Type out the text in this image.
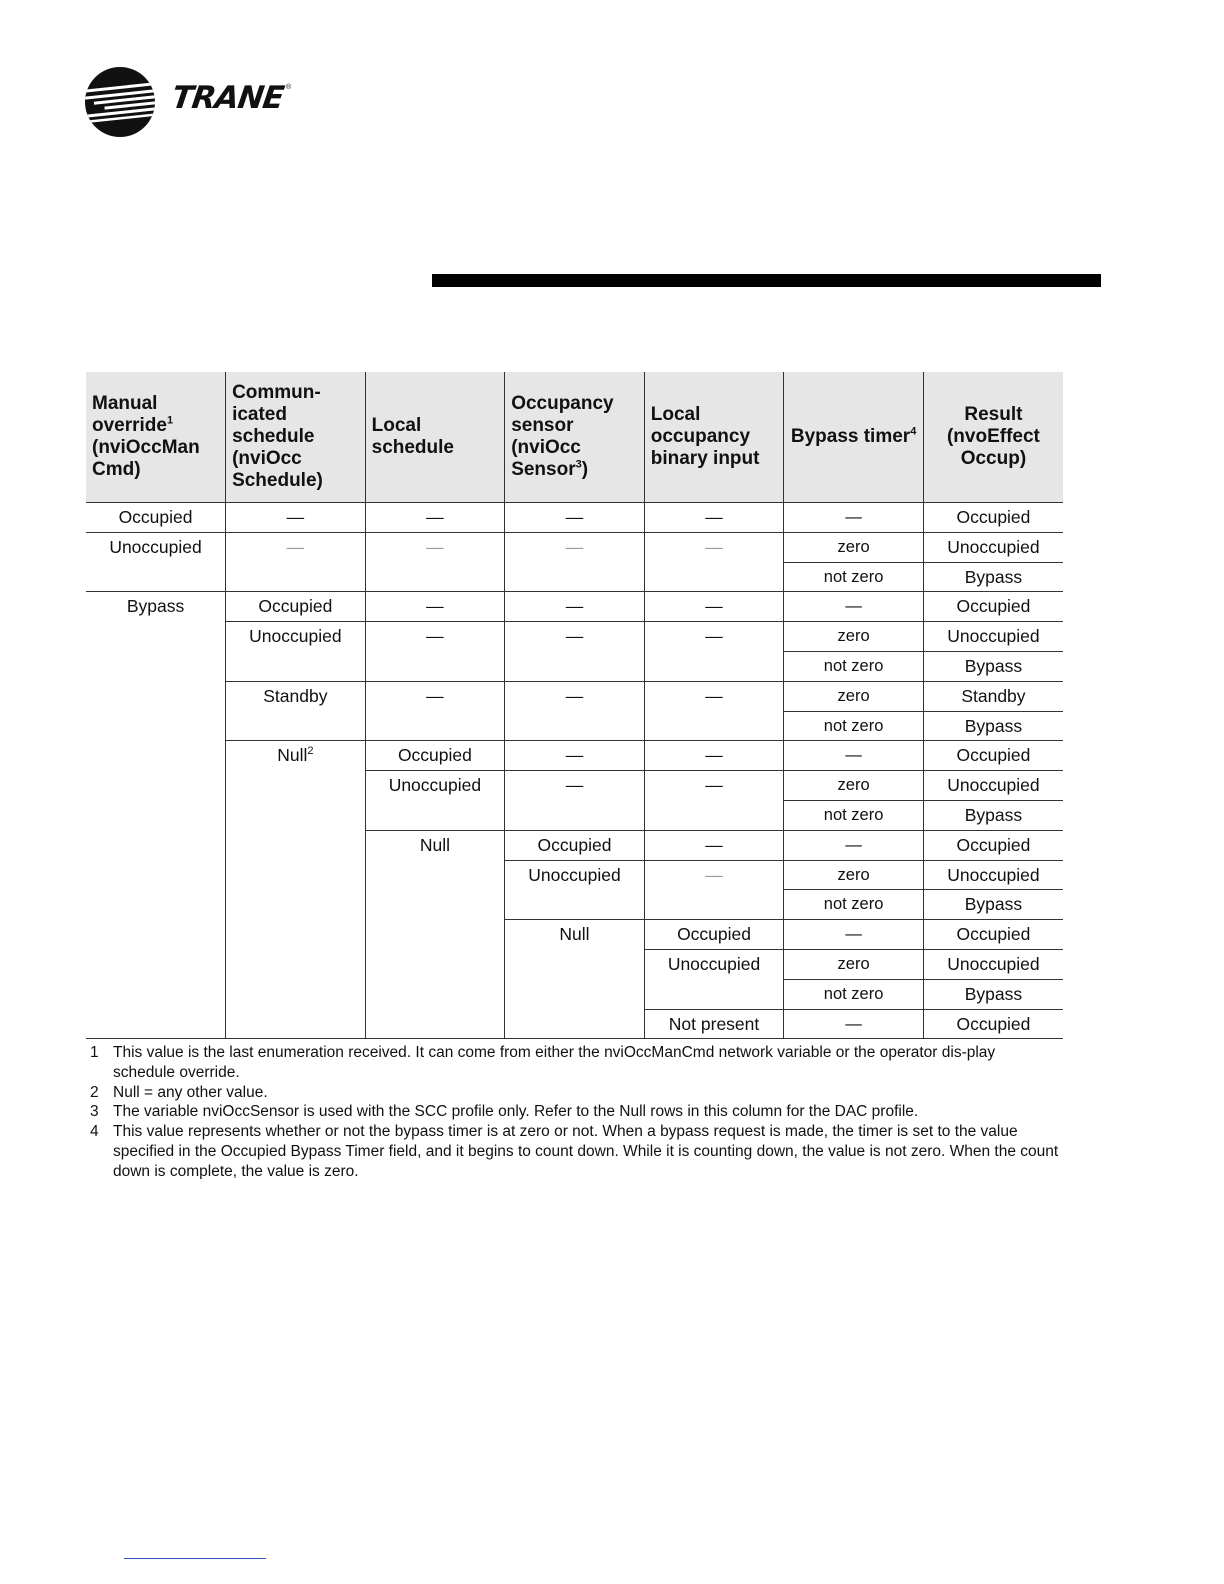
TRANE ®
Manual override$^1$ (nviOccMan Cmd)	Commun- icated schedule (nviOcc Schedule)	Local schedule	Occupancy sensor (nviOcc Sensor$^3$)	Local occupancy binary input	Bypass timer$^4$	Result (nvoEffect Occup)
Occupied	—	—	—	—	—	Occupied
Unoccupied	—	—	—	—	zero	Unoccupied
					not zero	Bypass
Bypass	Occupied	—	—	—	—	Occupied
	Unoccupied	—	—	—	zero	Unoccupied
					not zero	Bypass
	Standby	—	—	—	zero	Standby
					not zero	Bypass
	Null$^2$	Occupied	—	—	—	Occupied
		Unoccupied	—	—	zero	Unoccupied
					not zero	Bypass
		Null	Occupied	—	—	Occupied
			Unoccupied	—	zero	Unoccupied
					not zero	Bypass
			Null	Occupied	—	Occupied
				Unoccupied	zero	Unoccupied
					not zero	Bypass
				Not present	—	Occupied
1 This value is the last enumeration received. It can come from either the nviOccManCmd network variable or the operator dis-play schedule override.
2 Null = any other value.
3 The variable nviOccSensor is used with the SCC profile only. Refer to the Null rows in this column for the DAC profile.
4 This value represents whether or not the bypass timer is at zero or not. When a bypass request is made, the timer is set to the value specified in the Occupied Bypass Timer field, and it begins to count down. While it is counting down, the value is not zero. When the count down is complete, the value is zero.
